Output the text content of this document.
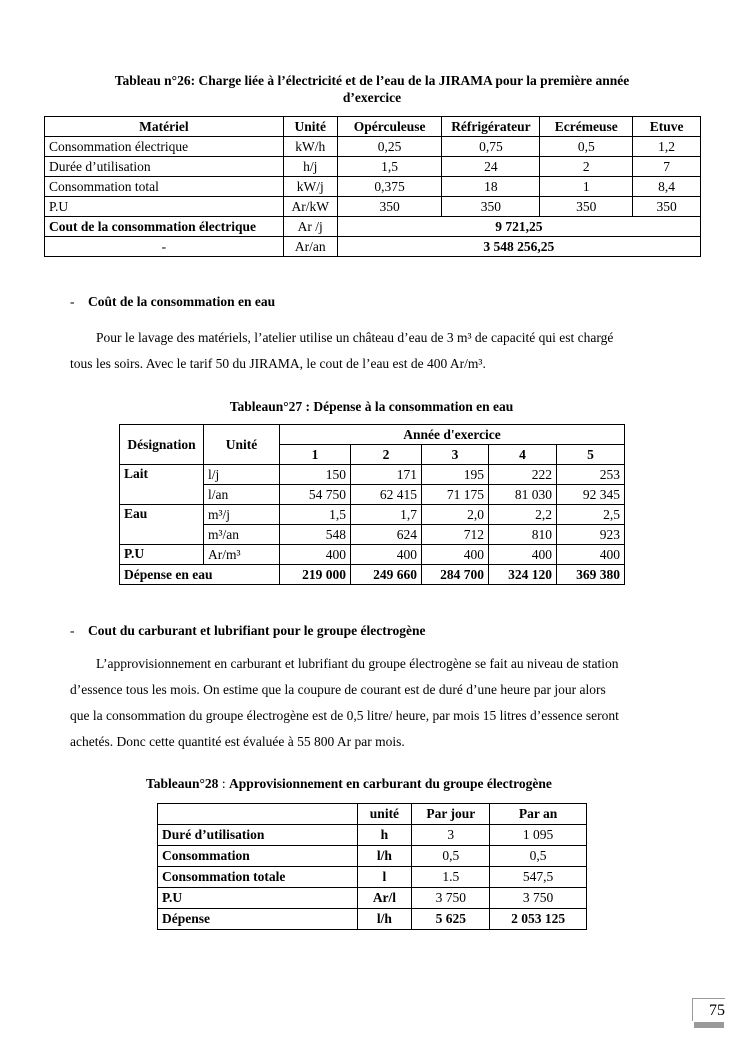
Tableau n°26: Charge liée à l’électricité et de l’eau de la JIRAMA pour la première année
d’exercice
Matériel	Unité	Opérculeuse	Réfrigérateur	Ecrémeuse	Etuve
Consommation électrique	kW/h	0,25	0,75	0,5	1,2
Durée d’utilisation	h/j	1,5	24	2	7
Consommation total	kW/j	0,375	18	1	8,4
P.U	Ar/kW	350	350	350	350
Cout de la consommation électrique	Ar /j	9 721,25			
-	Ar/an	3 548 256,25			
- Coût de la consommation en eau
Pour le lavage des matériels, l’atelier utilise un château d’eau de 3 m³ de capacité qui est chargé
tous les soirs. Avec le tarif 50 du JIRAMA, le cout de l’eau est de 400 Ar/m³.
Tableaun°27 : Dépense à la consommation en eau
Désignation	Unité	Année d'exercice				
		1	2	3	4	5
Lait	l/j	150	171	195	222	253
	l/an	54 750	62 415	71 175	81 030	92 345
Eau	m³/j	1,5	1,7	2,0	2,2	2,5
	m³/an	548	624	712	810	923
P.U	Ar/m³	400	400	400	400	400
Dépense en eau		219 000	249 660	284 700	324 120	369 380
- Cout du carburant et lubrifiant pour le groupe électrogène
L’approvisionnement en carburant et lubrifiant du groupe électrogène se fait au niveau de station
d’essence tous les mois. On estime que la coupure de courant est de duré d’une heure par jour alors
que la consommation du groupe électrogène est de 0,5 litre/ heure, par mois 15 litres d’essence seront
achetés. Donc cette quantité est évaluée à 55 800 Ar par mois.
Tableaun°28 : Approvisionnement en carburant du groupe électrogène
	unité	Par jour	Par an
Duré d’utilisation	h	3	1 095
Consommation	l/h	0,5	0,5
Consommation totale	l	1.5	547,5
P.U	Ar/l	3 750	3 750
Dépense	l/h	5 625	2 053 125
75
